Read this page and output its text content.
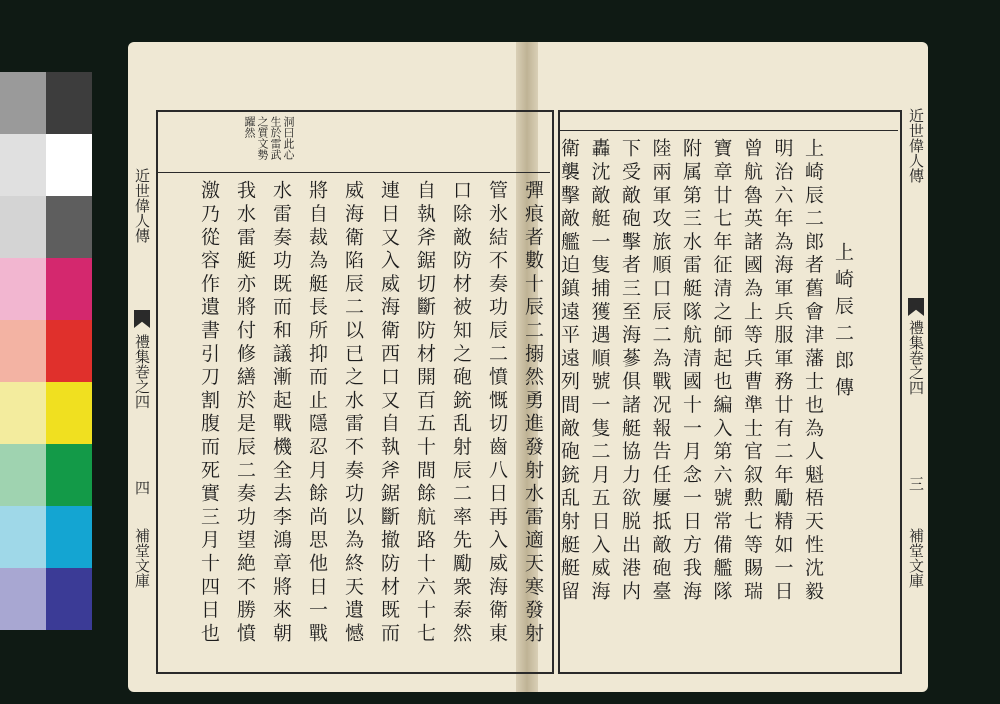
洞曰此心
生於雷武
之質文勢
躍然
近世偉人傳
禮集巻之四
四
補堂文庫
近世偉人傳
禮集巻之四
三
補堂文庫
上崎辰二郎傳
彈痕者數十辰二搦然勇進發射水雷適天寒發射
管氷結不奏功辰二憤慨切齒八日再入威海衛東
口除敵防材被知之砲銃乱射辰二率先勵衆泰然
自執斧鋸切斷防材開百五十間餘航路十六十七
連日又入威海衛西口又自執斧鋸斷撤防材既而
威海衛陷辰二以已之水雷不奏功以為終天遺憾
將自裁為艇長所抑而止隱忍月餘尚思他日一戰
水雷奏功既而和議漸起戰機全去李鴻章將來朝
我水雷艇亦將付修繕於是辰二奏功望絶不勝憤
激乃從容作遺書引刀割腹而死實三月十四日也	上崎辰二郎者舊會津藩士也為人魁梧天性沈毅
明治六年為海軍兵服軍務廿有二年勵精如一日
曾航魯英諸國為上等兵曹準士官叙勲七等賜瑞
寶章廿七年征清之師起也編入第六號常備艦隊
附属第三水雷艇隊航清國十一月念一日方我海
陸兩軍攻旅順口辰二為戰况報告任屢抵敵砲臺
下受敵砲擊者三至海蔘俱諸艇協力欲脱出港内
轟沈敵艇一隻捕獲遇順號一隻二月五日入威海
衛襲擊敵艦迫鎮遠平遠列間敵砲銃乱射艇艇留
